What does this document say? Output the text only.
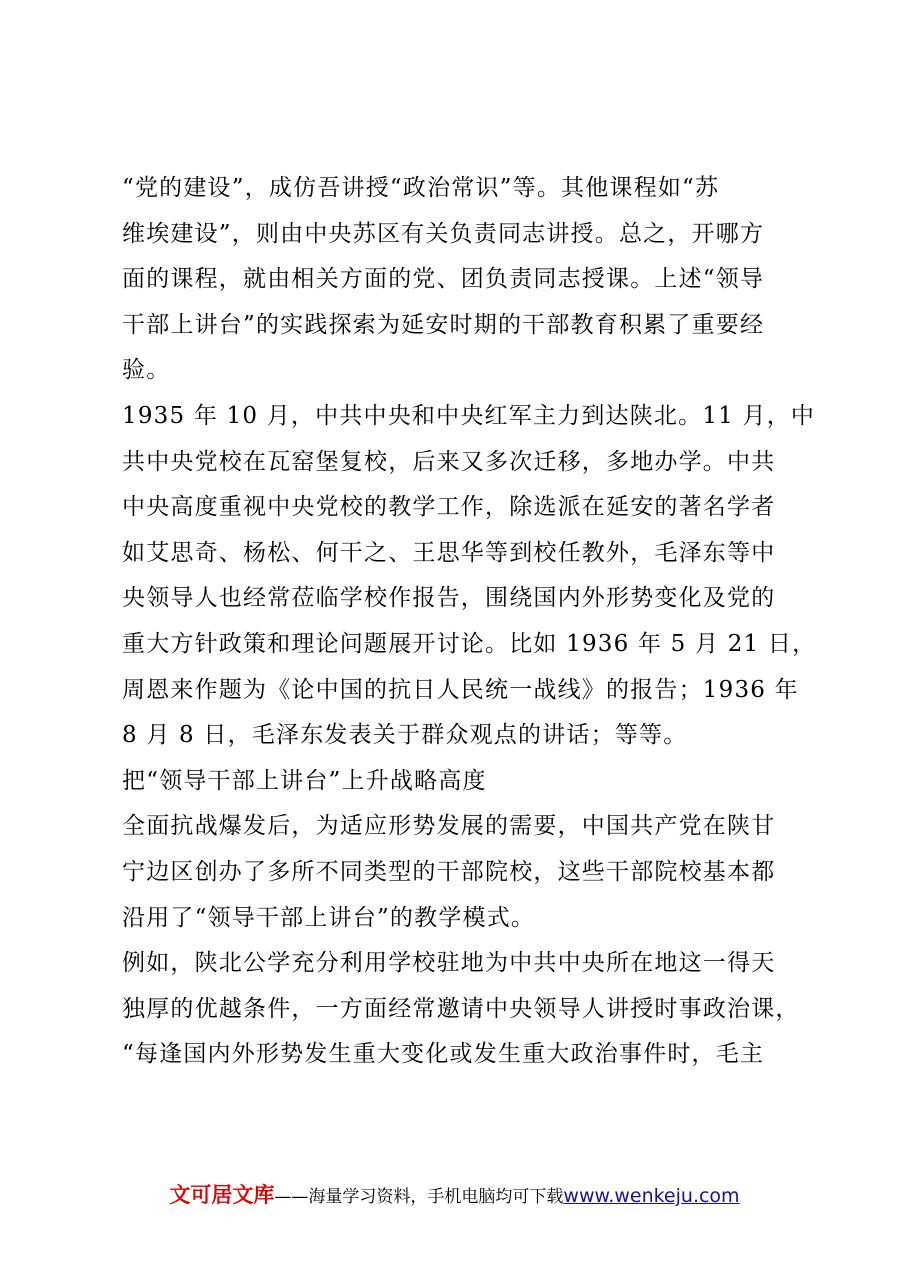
“党的建设”，成仿吾讲授“政治常识”等。其他课程如“苏
维埃建设”，则由中央苏区有关负责同志讲授。总之，开哪方
面的课程，就由相关方面的党、团负责同志授课。上述“领导
干部上讲台”的实践探索为延安时期的干部教育积累了重要经
验。
1935 年 10 月，中共中央和中央红军主力到达陕北。11 月，中
共中央党校在瓦窑堡复校，后来又多次迁移，多地办学。中共
中央高度重视中央党校的教学工作，除选派在延安的著名学者
如艾思奇、杨松、何干之、王思华等到校任教外，毛泽东等中
央领导人也经常莅临学校作报告，围绕国内外形势变化及党的
重大方针政策和理论问题展开讨论。比如 1936 年 5 月 21 日，
周恩来作题为《论中国的抗日人民统一战线》的报告；1936 年
8 月 8 日，毛泽东发表关于群众观点的讲话；等等。
把“领导干部上讲台”上升战略高度
全面抗战爆发后，为适应形势发展的需要，中国共产党在陕甘
宁边区创办了多所不同类型的干部院校，这些干部院校基本都
沿用了“领导干部上讲台”的教学模式。
例如，陕北公学充分利用学校驻地为中共中央所在地这一得天
独厚的优越条件，一方面经常邀请中央领导人讲授时事政治课，
“每逢国内外形势发生重大变化或发生重大政治事件时，毛主
文可居文库——海量学习资料，手机电脑均可下载www.wenkeju.com
